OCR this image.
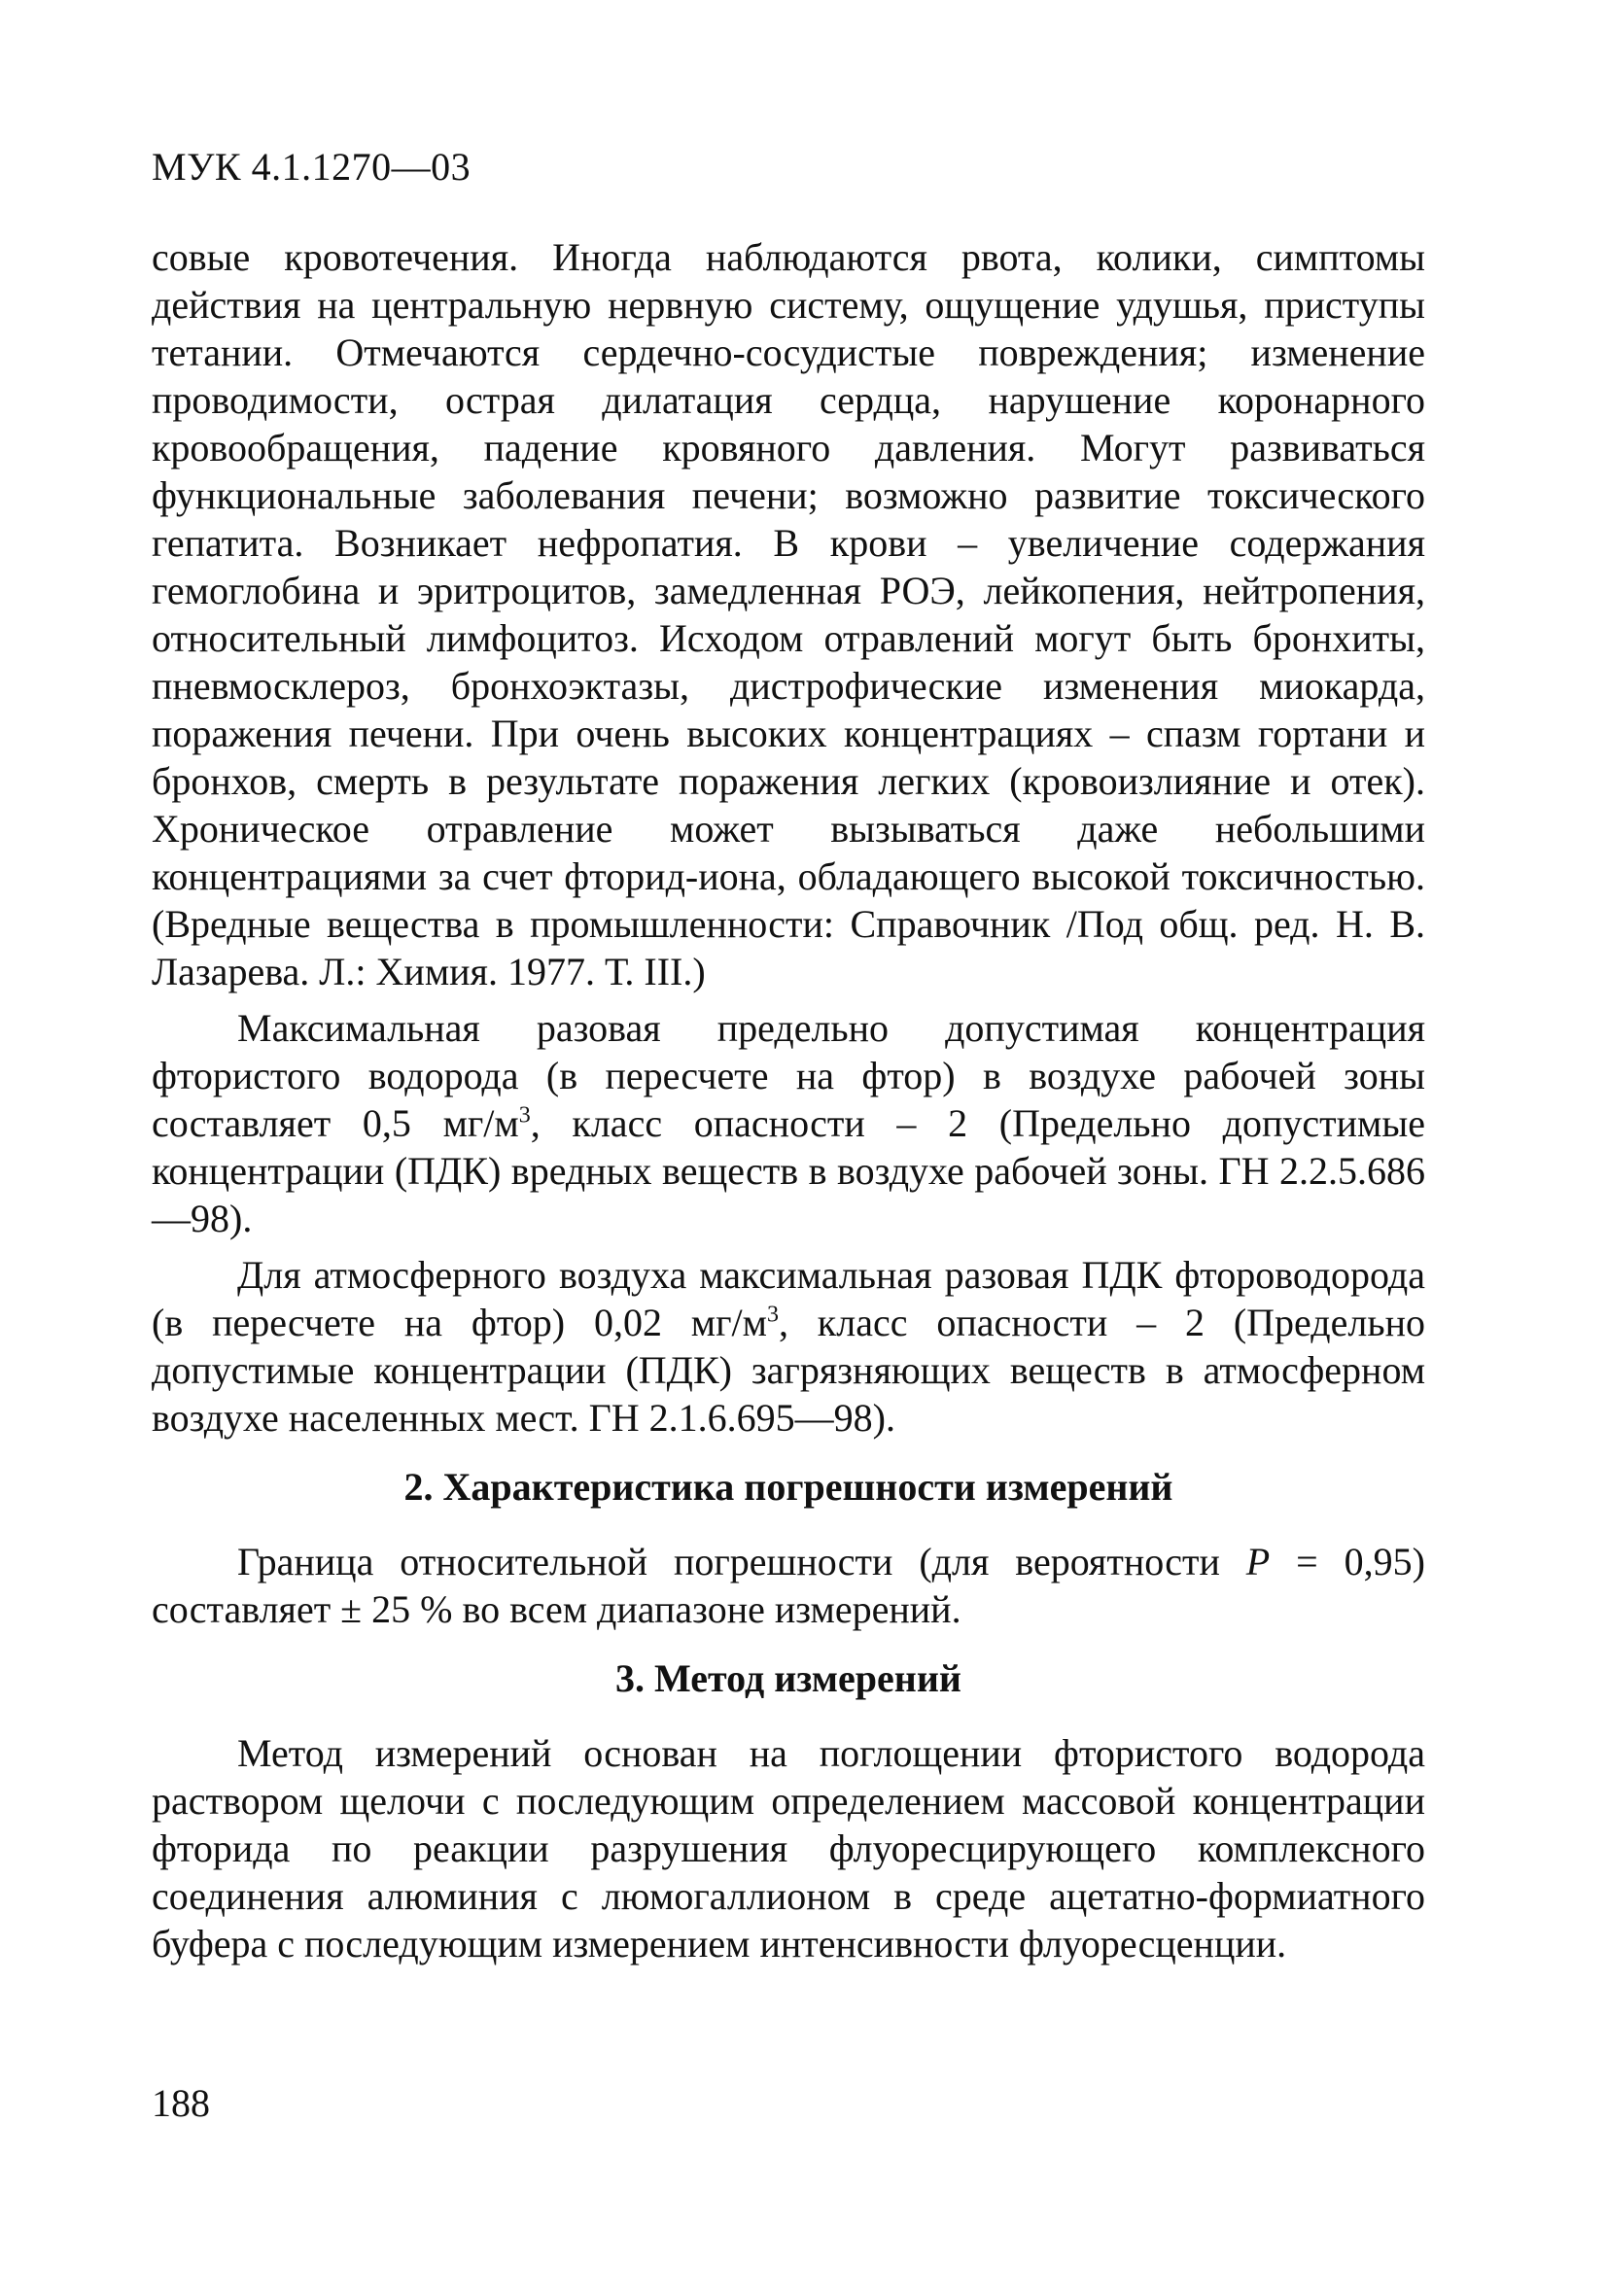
МУК 4.1.1270—03

совые кровотечения. Иногда наблюдаются рвота, колики, симптомы действия на центральную нервную систему, ощущение удушья, приступы тетании. Отмечаются сердечно-сосудистые повреждения; изменение проводимости, острая дилатация сердца, нарушение коронарного кровообращения, падение кровяного давления. Могут развиваться функциональные заболевания печени; возможно развитие токсического гепатита. Возникает нефропатия. В крови – увеличение содержания гемоглобина и эритроцитов, замедленная РОЭ, лейкопения, нейтропения, относительный лимфоцитоз. Исходом отравлений могут быть бронхиты, пневмосклероз, бронхоэктазы, дистрофические изменения миокарда, поражения печени. При очень высоких концентрациях – спазм гортани и бронхов, смерть в результате поражения легких (кровоизлияние и отек). Хроническое отравление может вызываться даже небольшими концентрациями за счет фторид-иона, обладающего высокой токсичностью. (Вредные вещества в промышленности: Справочник /Под общ. ред. Н. В. Лазарева. Л.: Химия. 1977. Т. III.)

Максимальная разовая предельно допустимая концентрация фтористого водорода (в пересчете на фтор) в воздухе рабочей зоны составляет 0,5 $мг/м^3$, класс опасности – 2 (Предельно допустимые концентрации (ПДК) вредных веществ в воздухе рабочей зоны. ГН 2.2.5.686—98).

Для атмосферного воздуха максимальная разовая ПДК фтороводорода (в пересчете на фтор) 0,02 $мг/м^3$, класс опасности – 2 (Предельно допустимые концентрации (ПДК) загрязняющих веществ в атмосферном воздухе населенных мест. ГН 2.1.6.695—98).

2. Характеристика погрешности измерений

Граница относительной погрешности (для вероятности P = 0,95) составляет ± 25 % во всем диапазоне измерений.

3. Метод измерений

Метод измерений основан на поглощении фтористого водорода раствором щелочи с последующим определением массовой концентрации фторида по реакции разрушения флуоресцирующего комплексного соединения алюминия с люмогаллионом в среде ацетатно-формиатного буфера с последующим измерением интенсивности флуоресценции.

188
